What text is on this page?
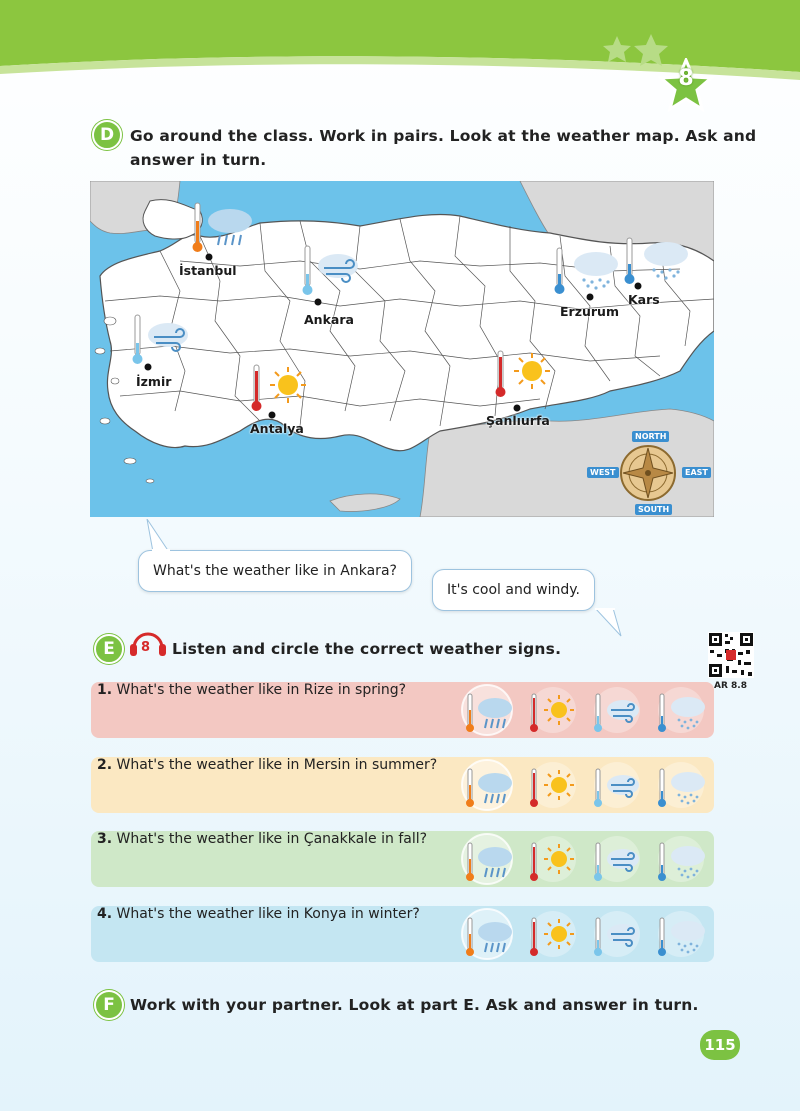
8
D	Go around the class. Work in pairs. Look at the weather map. Ask and
answer in turn.
İstanbul
Ankara
İzmir
Antalya
Erzurum
Kars
Şanlıurfa
NORTH
SOUTH
EAST
WEST
What's the weather like in Ankara?
It's cool and windy.
E	8 Listen and circle the correct weather signs.
AR 8.8
1. What's the weather like in Rize in spring?
2. What's the weather like in Mersin in summer?
3. What's the weather like in Çanakkale in fall?
4. What's the weather like in Konya in winter?
F Work with your partner. Look at part E. Ask and answer in turn.
115
